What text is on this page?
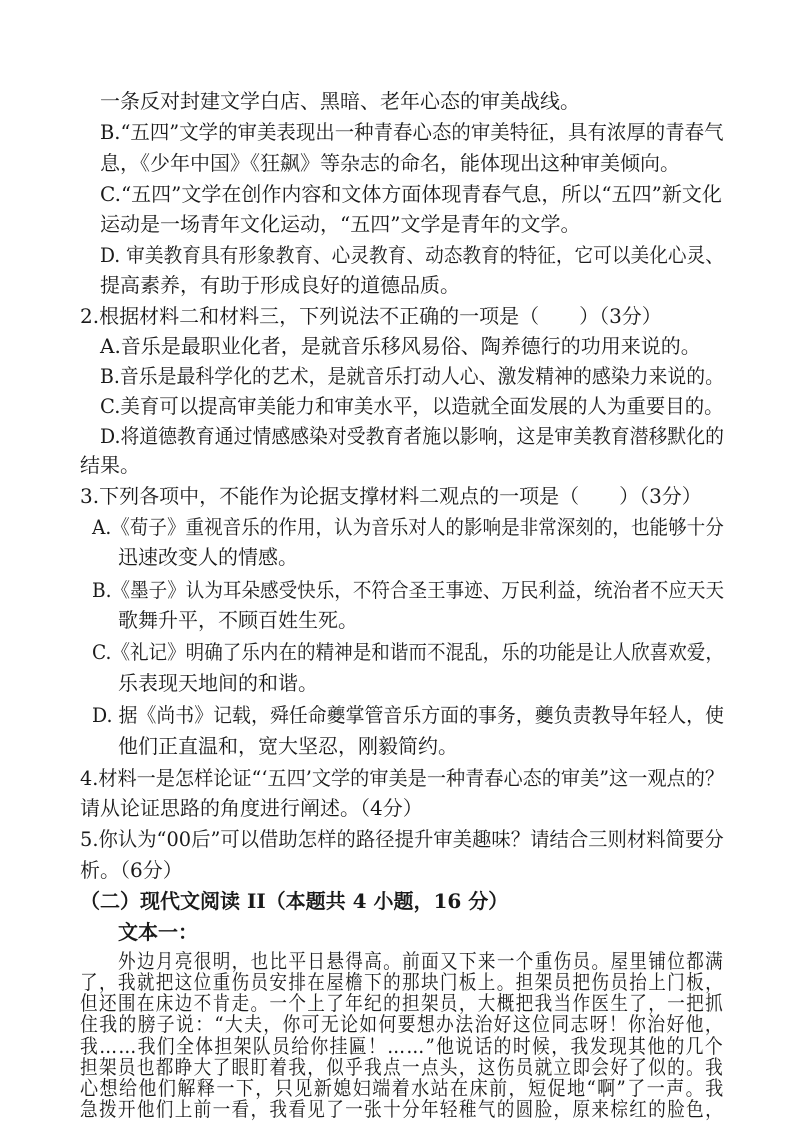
一条反对封建文学白店、黑暗、老年心态的审美战线。
B.“五四”文学的审美表现出一种青春心态的审美特征，具有浓厚的青春气
息，《少年中国》《狂飙》等杂志的命名，能体现出这种审美倾向。
C.“五四”文学在创作内容和文体方面体现青春气息，所以“五四”新文化
运动是一场青年文化运动，“五四”文学是青年的文学。
D. 审美教育具有形象教育、心灵教育、动态教育的特征，它可以美化心灵、
提高素养，有助于形成良好的道德品质。
2.根据材料二和材料三，下列说法不正确的一项是（　　）（3分）
A.音乐是最职业化者，是就音乐移风易俗、陶养德行的功用来说的。
B.音乐是最科学化的艺术，是就音乐打动人心、激发精神的感染力来说的。
C.美育可以提高审美能力和审美水平，以造就全面发展的人为重要目的。
D.将道德教育通过情感感染对受教育者施以影响，这是审美教育潜移默化的
结果。
3.下列各项中，不能作为论据支撑材料二观点的一项是（　　）（3分）
A.《荀子》重视音乐的作用，认为音乐对人的影响是非常深刻的，也能够十分
迅速改变人的情感。
B.《墨子》认为耳朵感受快乐，不符合圣王事迹、万民利益，统治者不应天天
歌舞升平，不顾百姓生死。
C.《礼记》明确了乐内在的精神是和谐而不混乱，乐的功能是让人欣喜欢爱，
乐表现天地间的和谐。
D. 据《尚书》记载，舜任命夔掌管音乐方面的事务，夔负责教导年轻人，使
他们正直温和，宽大坚忍，刚毅简约。
4.材料一是怎样论证“‘五四’文学的审美是一种青春心态的审美”这一观点的？
请从论证思路的角度进行阐述。（4分）
5.你认为“00后”可以借助怎样的路径提升审美趣味？请结合三则材料简要分
析。（6分）
（二）现代文阅读 II（本题共 4 小题，16 分）
文本一：
外边月亮很明，也比平日悬得高。前面又下来一个重伤员。屋里铺位都满
了，我就把这位重伤员安排在屋檐下的那块门板上。担架员把伤员抬上门板，
但还围在床边不肯走。一个上了年纪的担架员，大概把我当作医生了，一把抓
住我的膀子说：“大夫，你可无论如何要想办法治好这位同志呀！你治好他，
我……我们全体担架队员给你挂匾！……”他说话的时候，我发现其他的几个
担架员也都睁大了眼盯着我，似乎我点一点头，这伤员就立即会好了似的。我
心想给他们解释一下，只见新媳妇端着水站在床前，短促地“啊”了一声。我
急拨开他们上前一看，我看见了一张十分年轻稚气的圆脸，原来棕红的脸色，
